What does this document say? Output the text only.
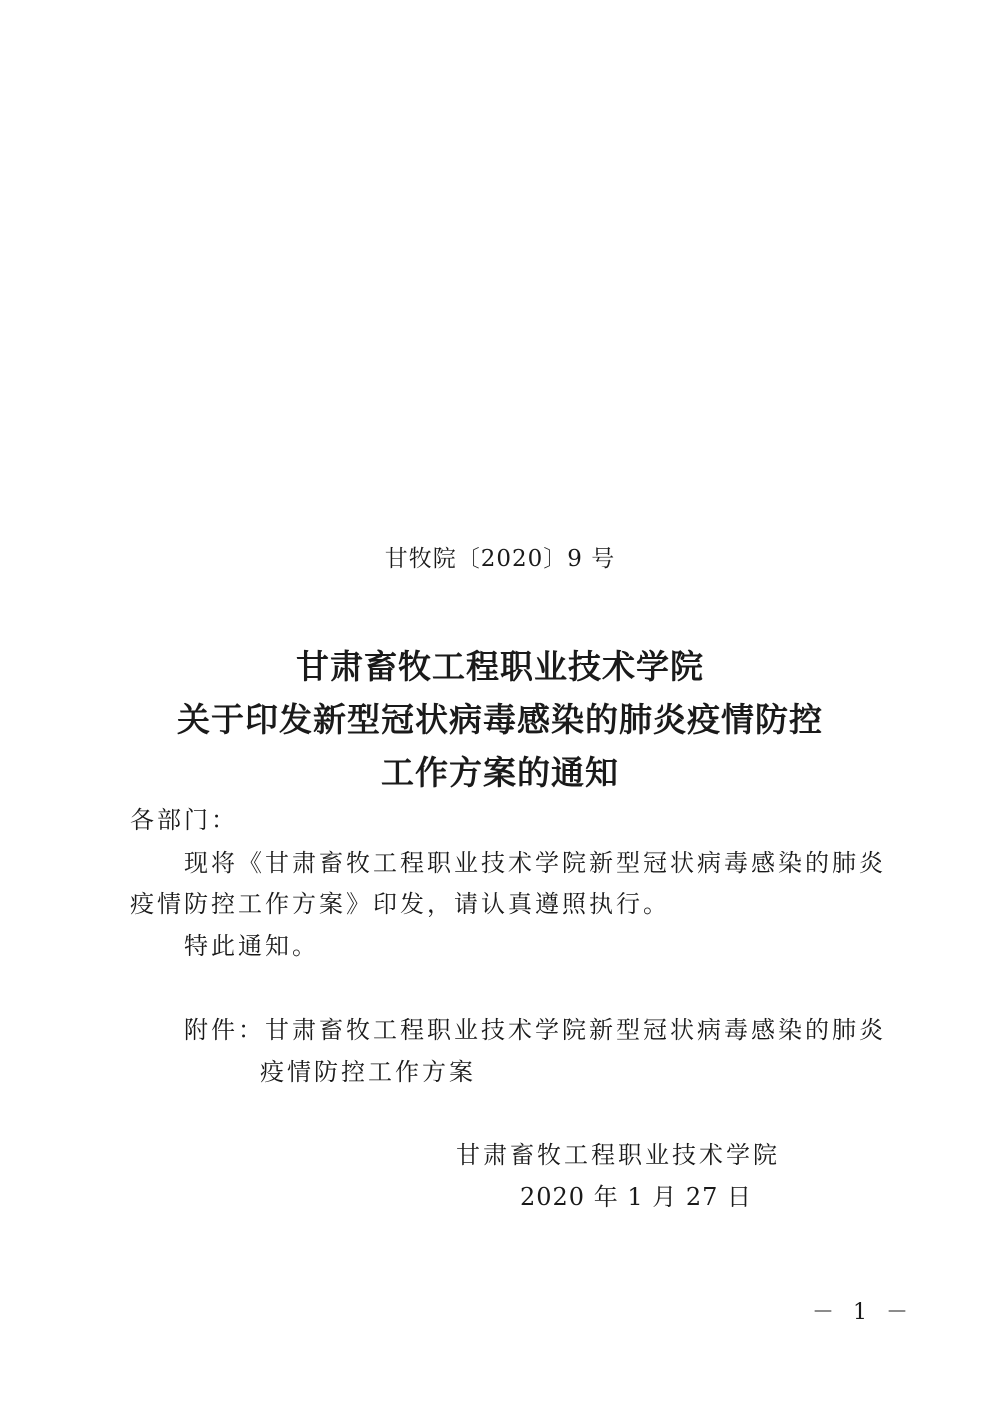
甘牧院〔2020〕9 号
甘肃畜牧工程职业技术学院
关于印发新型冠状病毒感染的肺炎疫情防控
工作方案的通知
各部门：
现将《甘肃畜牧工程职业技术学院新型冠状病毒感染的肺炎
疫情防控工作方案》印发，请认真遵照执行。
特此通知。
附件：甘肃畜牧工程职业技术学院新型冠状病毒感染的肺炎
疫情防控工作方案
甘肃畜牧工程职业技术学院
2020 年 1 月 27 日
－ 1 －
